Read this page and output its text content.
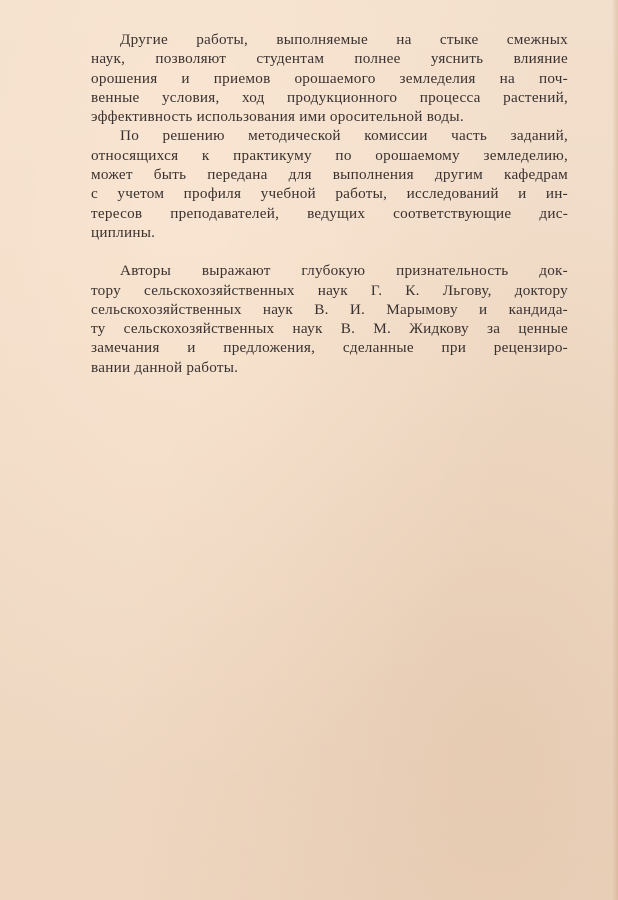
Другие работы, выполняемые на стыке смежных
наук, позволяют студентам полнее уяснить влияние
орошения и приемов орошаемого земледелия на поч-
венные условия, ход продукционного процесса растений,
эффективность использования ими оросительной воды.
По решению методической комиссии часть заданий,
относящихся к практикуму по орошаемому земледелию,
может быть передана для выполнения другим кафедрам
с учетом профиля учебной работы, исследований и ин-
тересов преподавателей, ведущих соответствующие дис-
циплины.
Авторы выражают глубокую признательность док-
тору сельскохозяйственных наук Г. К. Льгову, доктору
сельскохозяйственных наук В. И. Марымову и кандида-
ту сельскохозяйственных наук В. М. Жидкову за ценные
замечания и предложения, сделанные при рецензиро-
вании данной работы.
